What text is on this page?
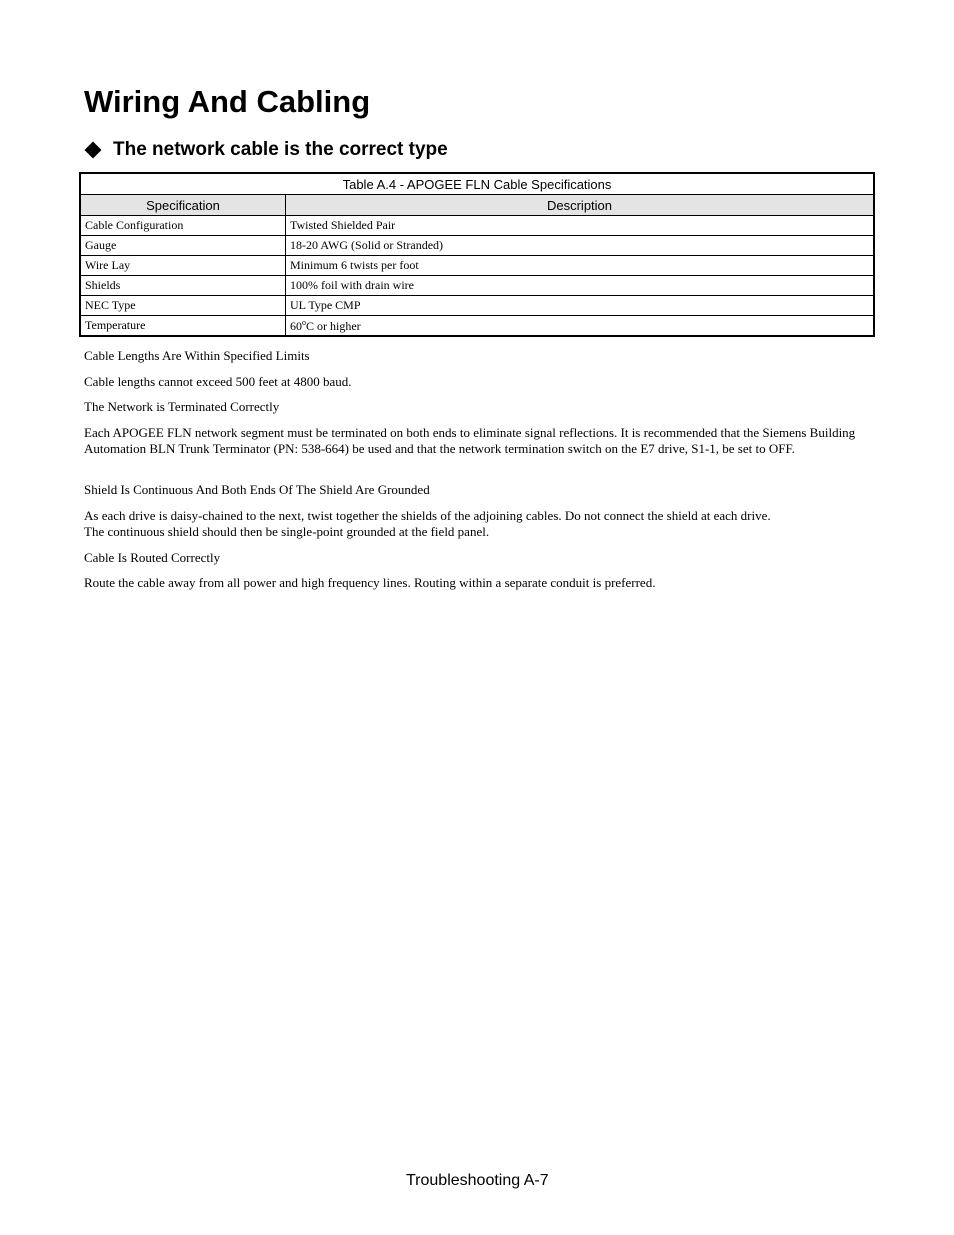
Wiring And Cabling
The network cable is the correct type
Table A.4 - APOGEE FLN Cable Specifications	
Specification	Description
Cable Configuration	Twisted Shielded Pair
Gauge	18-20 AWG (Solid or Stranded)
Wire Lay	Minimum 6 twists per foot
Shields	100% foil with drain wire
NEC Type	UL Type CMP
Temperature	60$^o$C or higher

Cable Lengths Are Within Specified Limits

Cable lengths cannot exceed 500 feet at 4800 baud.

The Network is Terminated Correctly

Each APOGEE FLN network segment must be terminated on both ends to eliminate signal reflections. It is recommended that the Siemens Building Automation BLN Trunk Terminator (PN: 538-664) be used and that the network termination switch on the E7 drive, S1-1, be set to OFF.

Shield Is Continuous And Both Ends Of The Shield Are Grounded

As each drive is daisy-chained to the next, twist together the shields of the adjoining cables. Do not connect the shield at each drive.

The continuous shield should then be single-point grounded at the field panel.

Cable Is Routed Correctly

Route the cable away from all power and high frequency lines. Routing within a separate conduit is preferred.

Troubleshooting A-7
